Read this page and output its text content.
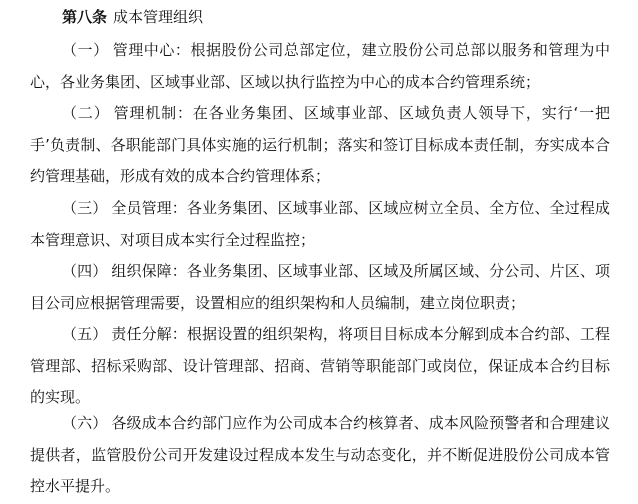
第八条 成本管理组织

（一） 管理中心：根据股份公司总部定位，建立股份公司总部以服务和管理为中心，各业务集团、区域事业部、区域以执行监控为中心的成本合约管理系统；

（二） 管理机制：在各业务集团、区域事业部、区域负责人领导下，实行‘一把手’负责制、各职能部门具体实施的运行机制；落实和签订目标成本责任制，夯实成本合约管理基础，形成有效的成本合约管理体系；

（三） 全员管理：各业务集团、区域事业部、区域应树立全员、全方位、全过程成本管理意识、对项目成本实行全过程监控；

（四） 组织保障：各业务集团、区域事业部、区域及所属区域、分公司、片区、项目公司应根据管理需要，设置相应的组织架构和人员编制，建立岗位职责；

（五） 责任分解：根据设置的组织架构，将项目目标成本分解到成本合约部、工程管理部、招标采购部、设计管理部、招商、营销等职能部门或岗位，保证成本合约目标的实现。

（六） 各级成本合约部门应作为公司成本合约核算者、成本风险预警者和合理建议提供者，监管股份公司开发建设过程成本发生与动态变化，并不断促进股份公司成本管控水平提升。
